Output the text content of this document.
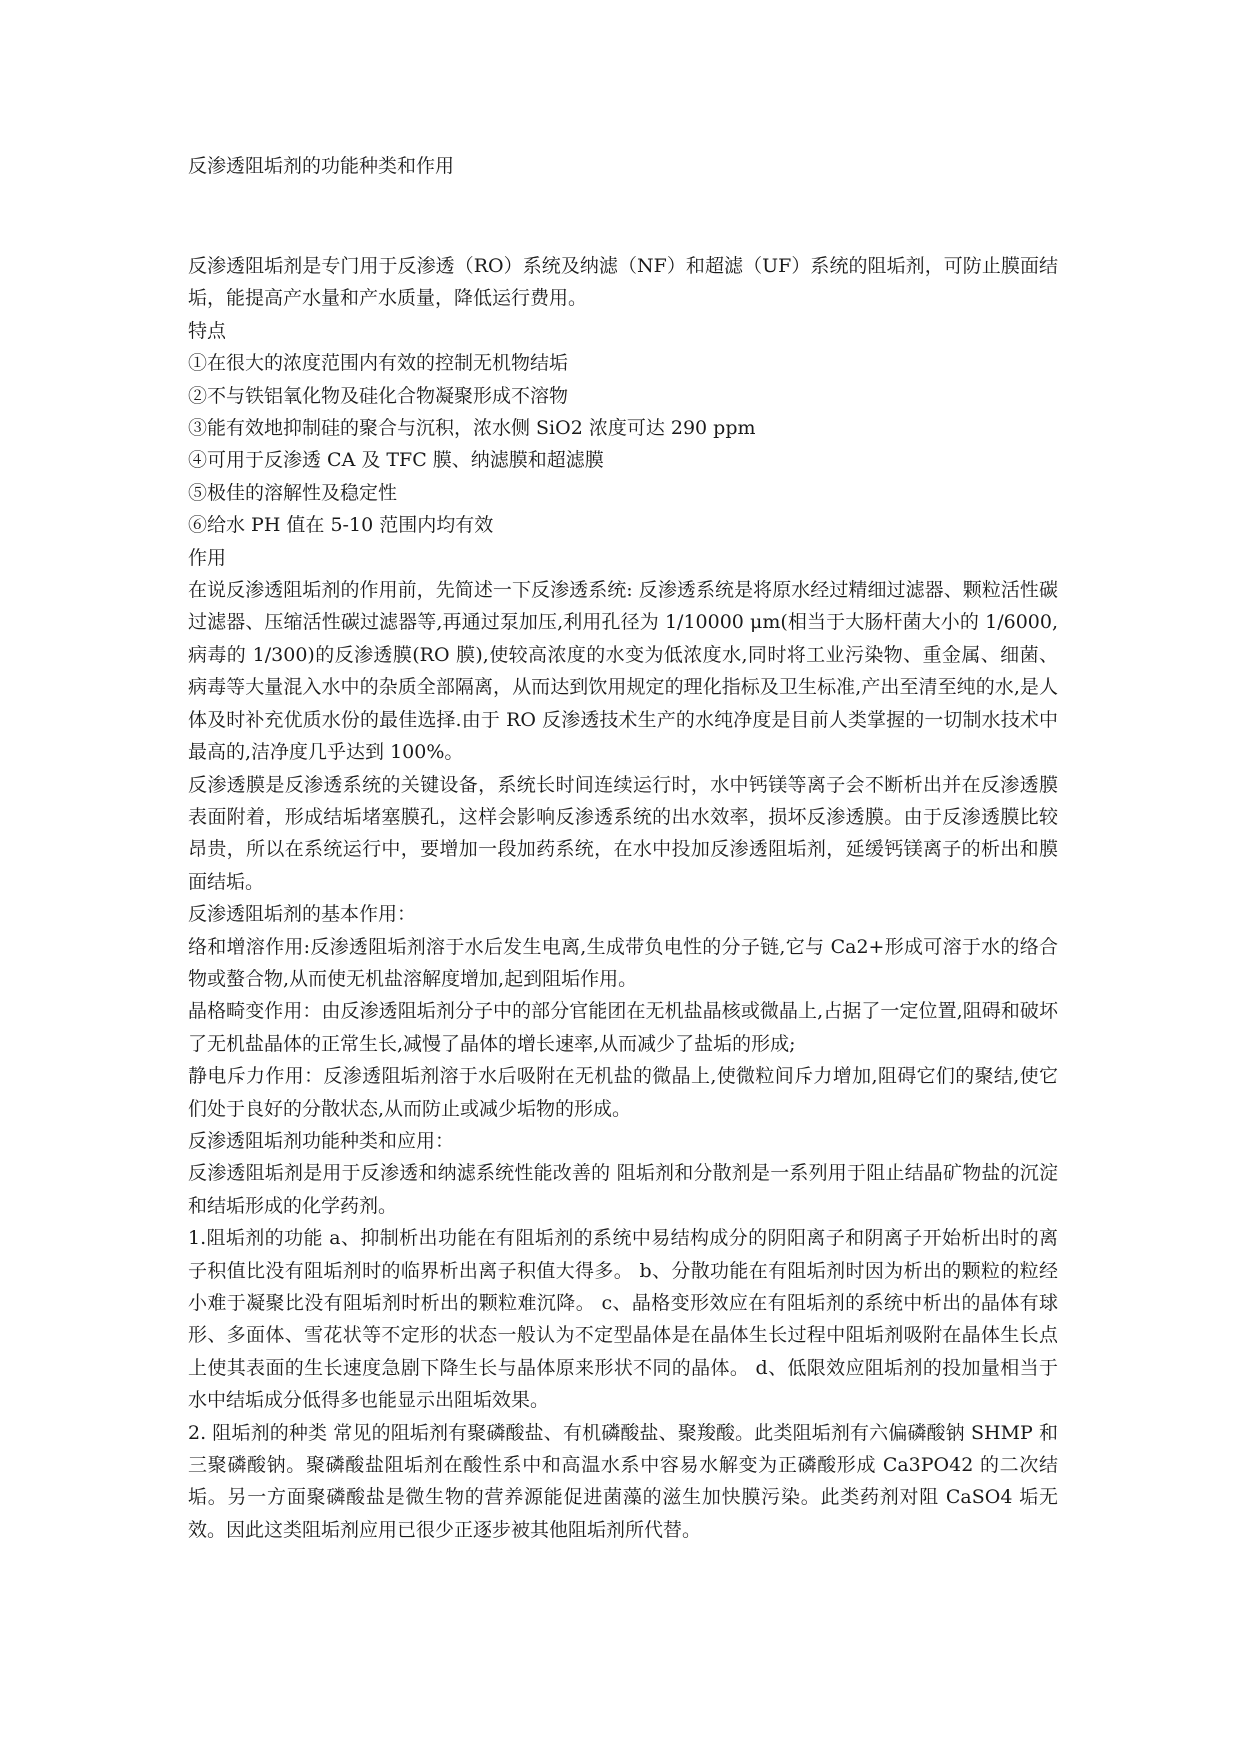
反渗透阻垢剂的功能种类和作用

反渗透阻垢剂是专门用于反渗透（RO）系统及纳滤（NF）和超滤（UF）系统的阻垢剂，可防止膜面结垢，能提高产水量和产水质量，降低运行费用。

特点

①在很大的浓度范围内有效的控制无机物结垢

②不与铁铝氧化物及硅化合物凝聚形成不溶物

③能有效地抑制硅的聚合与沉积，浓水侧 SiO2 浓度可达 290 ppm

④可用于反渗透 CA 及 TFC 膜、纳滤膜和超滤膜

⑤极佳的溶解性及稳定性

⑥给水 PH 值在 5-10 范围内均有效

作用

在说反渗透阻垢剂的作用前，先简述一下反渗透系统: 反渗透系统是将原水经过精细过滤器、颗粒活性碳过滤器、压缩活性碳过滤器等,再通过泵加压,利用孔径为 1/10000 μm(相当于大肠杆菌大小的 1/6000,病毒的 1/300)的反渗透膜(RO 膜),使较高浓度的水变为低浓度水,同时将工业污染物、重金属、细菌、病毒等大量混入水中的杂质全部隔离，从而达到饮用规定的理化指标及卫生标准,产出至清至纯的水,是人体及时补充优质水份的最佳选择.由于 RO 反渗透技术生产的水纯净度是目前人类掌握的一切制水技术中最高的,洁净度几乎达到 100%。

反渗透膜是反渗透系统的关键设备，系统长时间连续运行时，水中钙镁等离子会不断析出并在反渗透膜表面附着，形成结垢堵塞膜孔，这样会影响反渗透系统的出水效率，损坏反渗透膜。由于反渗透膜比较昂贵，所以在系统运行中，要增加一段加药系统，在水中投加反渗透阻垢剂，延缓钙镁离子的析出和膜面结垢。

反渗透阻垢剂的基本作用：

络和增溶作用:反渗透阻垢剂溶于水后发生电离,生成带负电性的分子链,它与 Ca2+形成可溶于水的络合物或螯合物,从而使无机盐溶解度增加,起到阻垢作用。

晶格畸变作用：由反渗透阻垢剂分子中的部分官能团在无机盐晶核或微晶上,占据了一定位置,阻碍和破坏了无机盐晶体的正常生长,减慢了晶体的增长速率,从而减少了盐垢的形成;

静电斥力作用：反渗透阻垢剂溶于水后吸附在无机盐的微晶上,使微粒间斥力增加,阻碍它们的聚结,使它们处于良好的分散状态,从而防止或减少垢物的形成。

反渗透阻垢剂功能种类和应用：

反渗透阻垢剂是用于反渗透和纳滤系统性能改善的 阻垢剂和分散剂是一系列用于阻止结晶矿物盐的沉淀和结垢形成的化学药剂。

1.阻垢剂的功能 a、抑制析出功能在有阻垢剂的系统中易结构成分的阴阳离子和阴离子开始析出时的离子积值比没有阻垢剂时的临界析出离子积值大得多。 b、分散功能在有阻垢剂时因为析出的颗粒的粒经小难于凝聚比没有阻垢剂时析出的颗粒难沉降。 c、晶格变形效应在有阻垢剂的系统中析出的晶体有球形、多面体、雪花状等不定形的状态一般认为不定型晶体是在晶体生长过程中阻垢剂吸附在晶体生长点上使其表面的生长速度急剧下降生长与晶体原来形状不同的晶体。 d、低限效应阻垢剂的投加量相当于水中结垢成分低得多也能显示出阻垢效果。

2. 阻垢剂的种类 常见的阻垢剂有聚磷酸盐、有机磷酸盐、聚羧酸。此类阻垢剂有六偏磷酸钠 SHMP 和三聚磷酸钠。聚磷酸盐阻垢剂在酸性系中和高温水系中容易水解变为正磷酸形成 Ca3PO42 的二次结垢。另一方面聚磷酸盐是微生物的营养源能促进菌藻的滋生加快膜污染。此类药剂对阻 CaSO4 垢无效。因此这类阻垢剂应用已很少正逐步被其他阻垢剂所代替。
